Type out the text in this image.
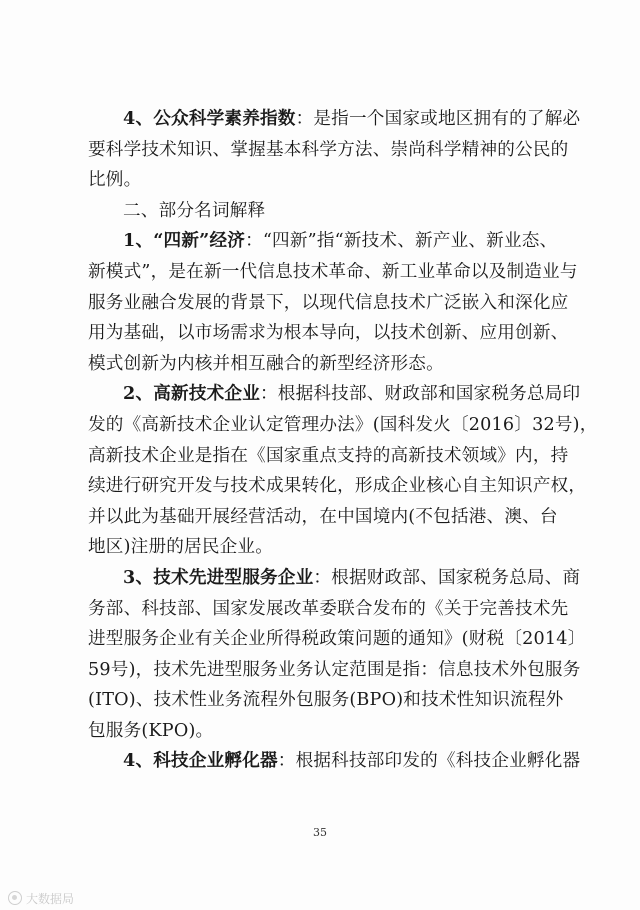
4、公众科学素养指数：是指一个国家或地区拥有的了解必
要科学技术知识、掌握基本科学方法、崇尚科学精神的公民的
比例。
二、部分名词解释
1、“四新”经济：“四新”指“新技术、新产业、新业态、
新模式”，是在新一代信息技术革命、新工业革命以及制造业与
服务业融合发展的背景下，以现代信息技术广泛嵌入和深化应
用为基础，以市场需求为根本导向，以技术创新、应用创新、
模式创新为内核并相互融合的新型经济形态。
2、高新技术企业：根据科技部、财政部和国家税务总局印
发的《高新技术企业认定管理办法》(国科发火〔2016〕32号)，
高新技术企业是指在《国家重点支持的高新技术领域》内，持
续进行研究开发与技术成果转化，形成企业核心自主知识产权，
并以此为基础开展经营活动，在中国境内(不包括港、澳、台
地区)注册的居民企业。
3、技术先进型服务企业：根据财政部、国家税务总局、商
务部、科技部、国家发展改革委联合发布的《关于完善技术先
进型服务企业有关企业所得税政策问题的通知》(财税〔2014〕
59号)，技术先进型服务业务认定范围是指：信息技术外包服务
(ITO)、技术性业务流程外包服务(BPO)和技术性知识流程外
包服务(KPO)。
4、科技企业孵化器：根据科技部印发的《科技企业孵化器
35
大数据局
